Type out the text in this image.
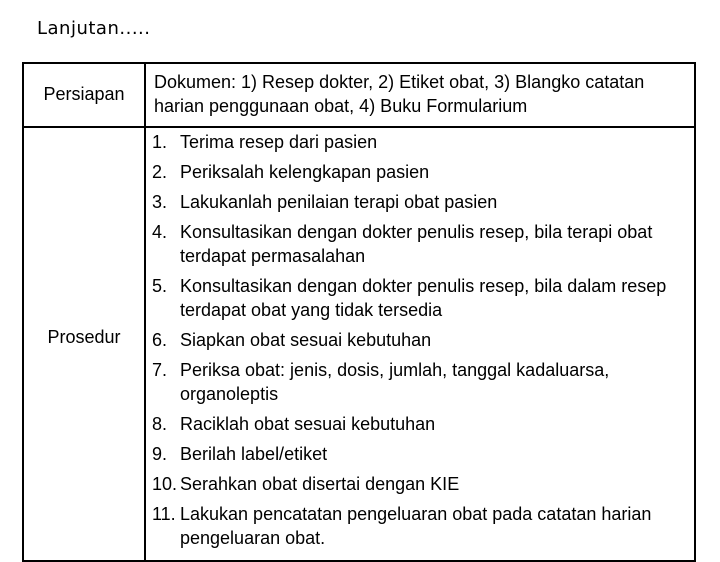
Lanjutan.....
Persiapan
Dokumen: 1) Resep dokter, 2) Etiket obat, 3) Blangko catatan harian penggunaan obat, 4) Buku Formularium
Prosedur
1. Terima resep dari pasien
2. Periksalah kelengkapan pasien
3. Lakukanlah penilaian terapi obat pasien
4. Konsultasikan dengan dokter penulis resep, bila terapi obat terdapat permasalahan
5. Konsultasikan dengan dokter penulis resep, bila dalam resep terdapat obat yang tidak tersedia
6. Siapkan obat sesuai kebutuhan
7. Periksa obat: jenis, dosis, jumlah, tanggal kadaluarsa, organoleptis
8. Raciklah obat sesuai kebutuhan
9. Berilah label/etiket
10. Serahkan obat disertai dengan KIE
11. Lakukan pencatatan pengeluaran obat pada catatan harian pengeluaran obat.
